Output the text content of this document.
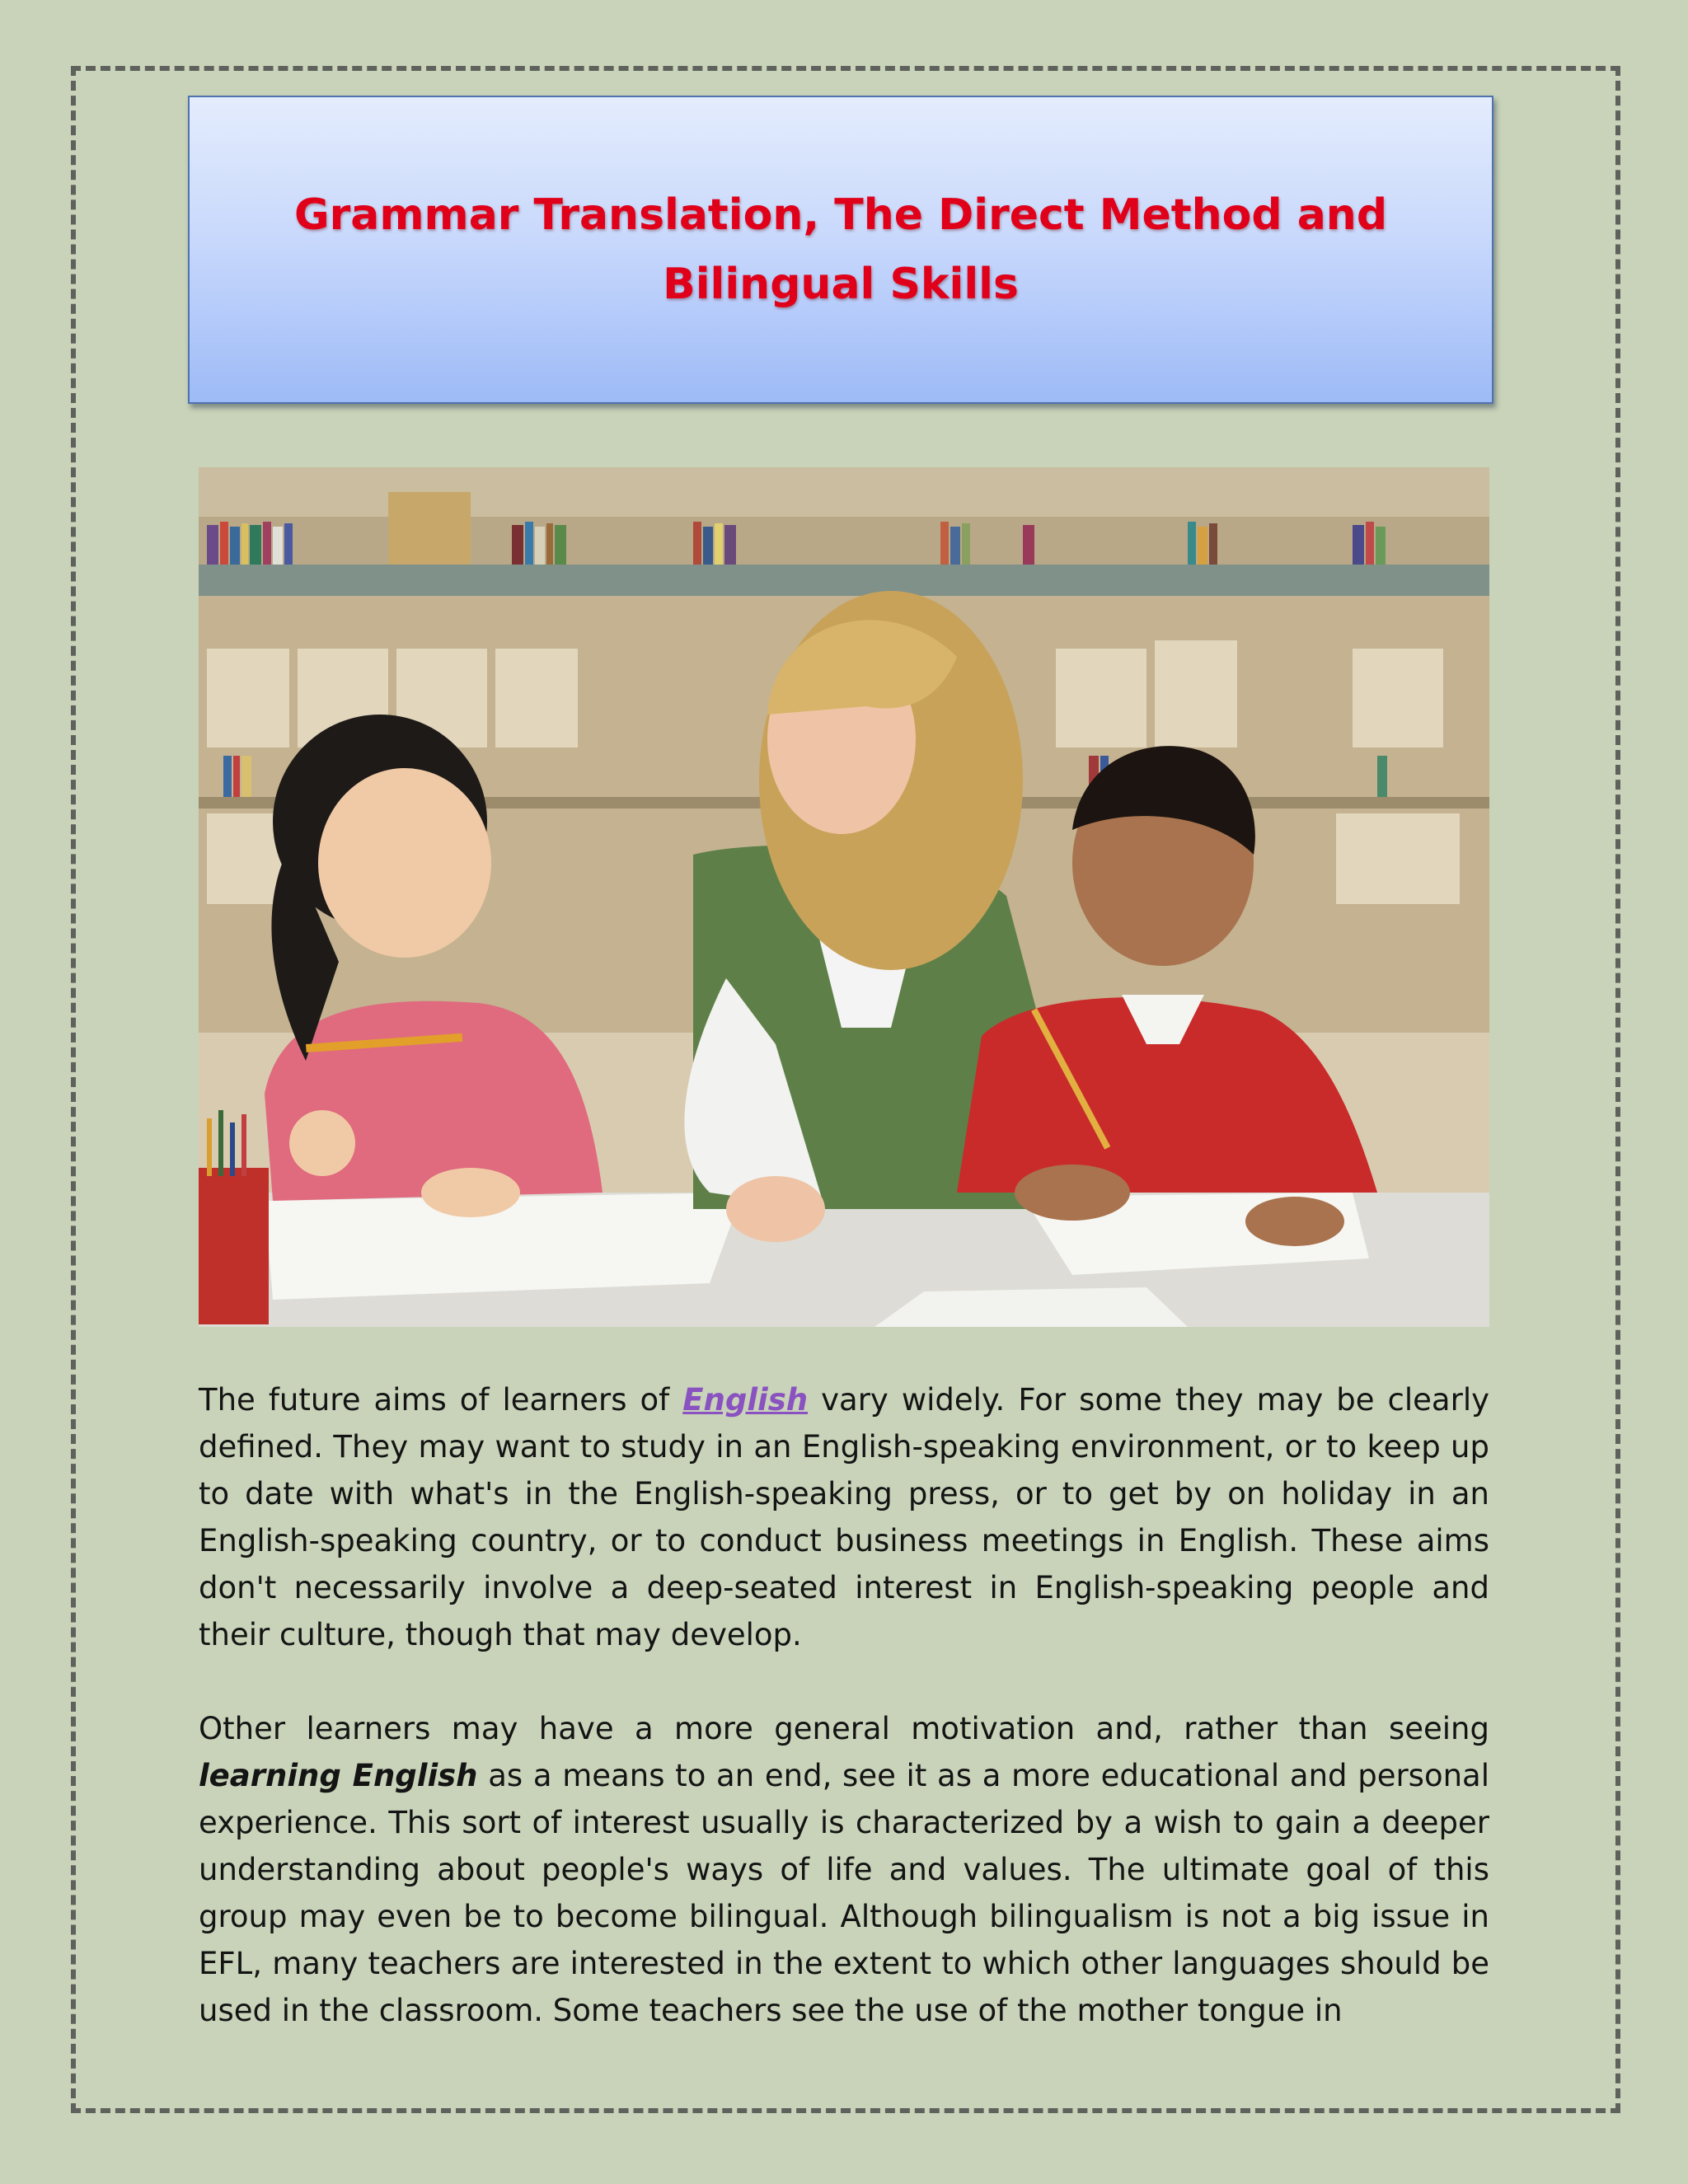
Grammar Translation, The Direct Method and Bilingual Skills

The future aims of learners of English vary widely. For some they may be clearly defined. They may want to study in an English-speaking environment, or to keep up to date with what's in the English-speaking press, or to get by on holiday in an English-speaking country, or to conduct business meetings in English. These aims don't necessarily involve a deep-seated interest in English-speaking people and their culture, though that may develop.

Other learners may have a more general motivation and, rather than seeing learning English as a means to an end, see it as a more educational and personal experience. This sort of interest usually is characterized by a wish to gain a deeper understanding about people's ways of life and values. The ultimate goal of this group may even be to become bilingual. Although bilingualism is not a big issue in EFL, many teachers are interested in the extent to which other languages should be used in the classroom. Some teachers see the use of the mother tongue in
